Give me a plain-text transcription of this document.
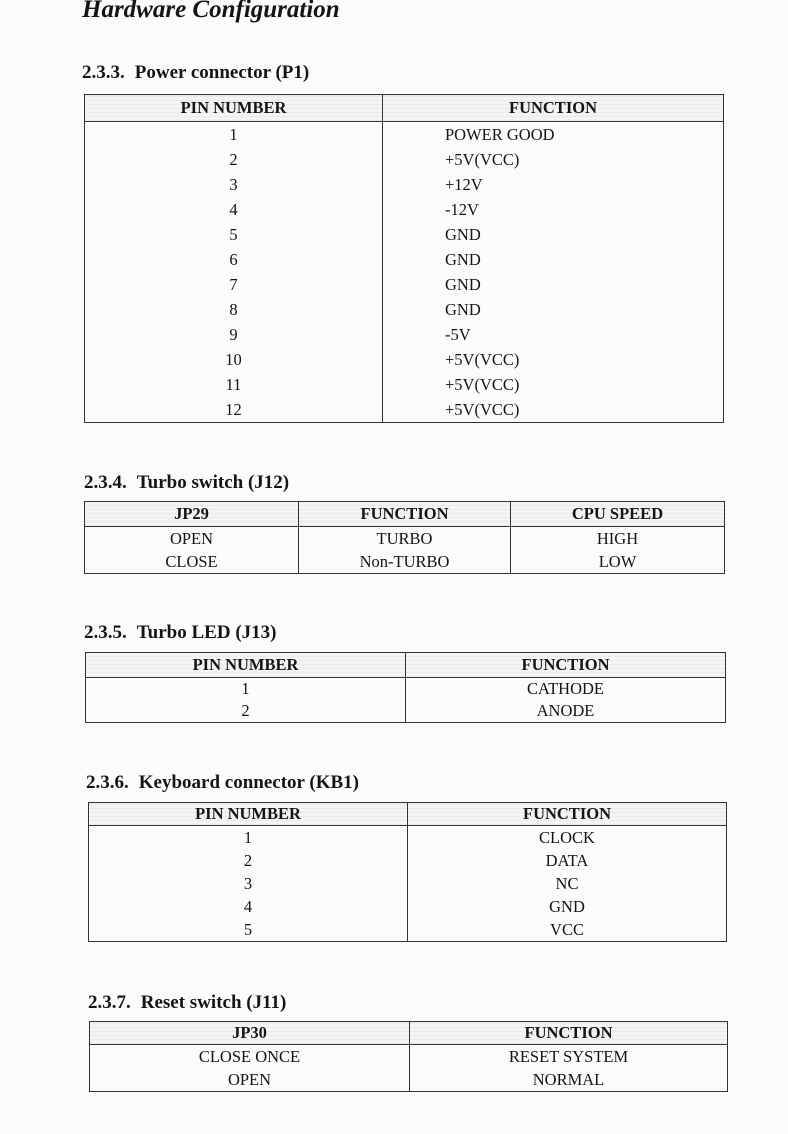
Hardware Configuration
2.3.3. Power connector (P1)
PIN NUMBER	FUNCTION
1	POWER GOOD
2	+5V(VCC)
3	+12V
4	-12V
5	GND
6	GND
7	GND
8	GND
9	-5V
10	+5V(VCC)
11	+5V(VCC)
12	+5V(VCC)
2.3.4. Turbo switch (J12)
JP29	FUNCTION	CPU SPEED
OPEN	TURBO	HIGH
CLOSE	Non-TURBO	LOW
2.3.5. Turbo LED (J13)
PIN NUMBER	FUNCTION
1	CATHODE
2	ANODE
2.3.6. Keyboard connector (KB1)
PIN NUMBER	FUNCTION
1	CLOCK
2	DATA
3	NC
4	GND
5	VCC
2.3.7. Reset switch (J11)
JP30	FUNCTION
CLOSE ONCE	RESET SYSTEM
OPEN	NORMAL
